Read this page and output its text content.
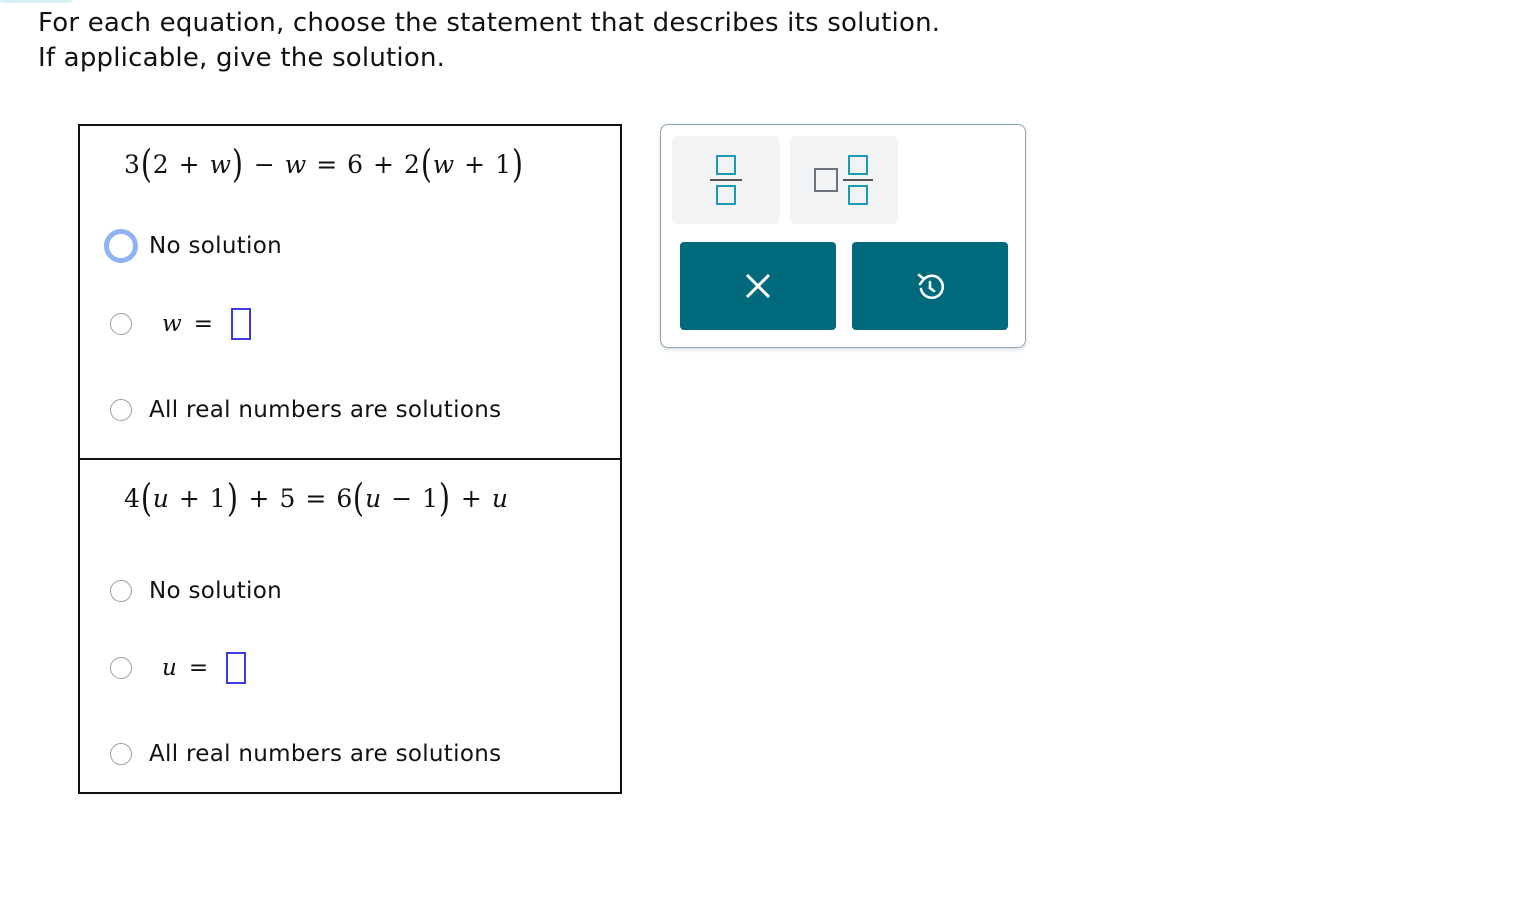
For each equation, choose the statement that describes its solution.
If applicable, give the solution.
3 ( 2 + w ) − w = 6 + 2 ( w + 1 )
No solution
w =
All real numbers are solutions
4 ( u + 1 ) + 5 = 6 ( u − 1 ) + u
No solution
u =
All real numbers are solutions
